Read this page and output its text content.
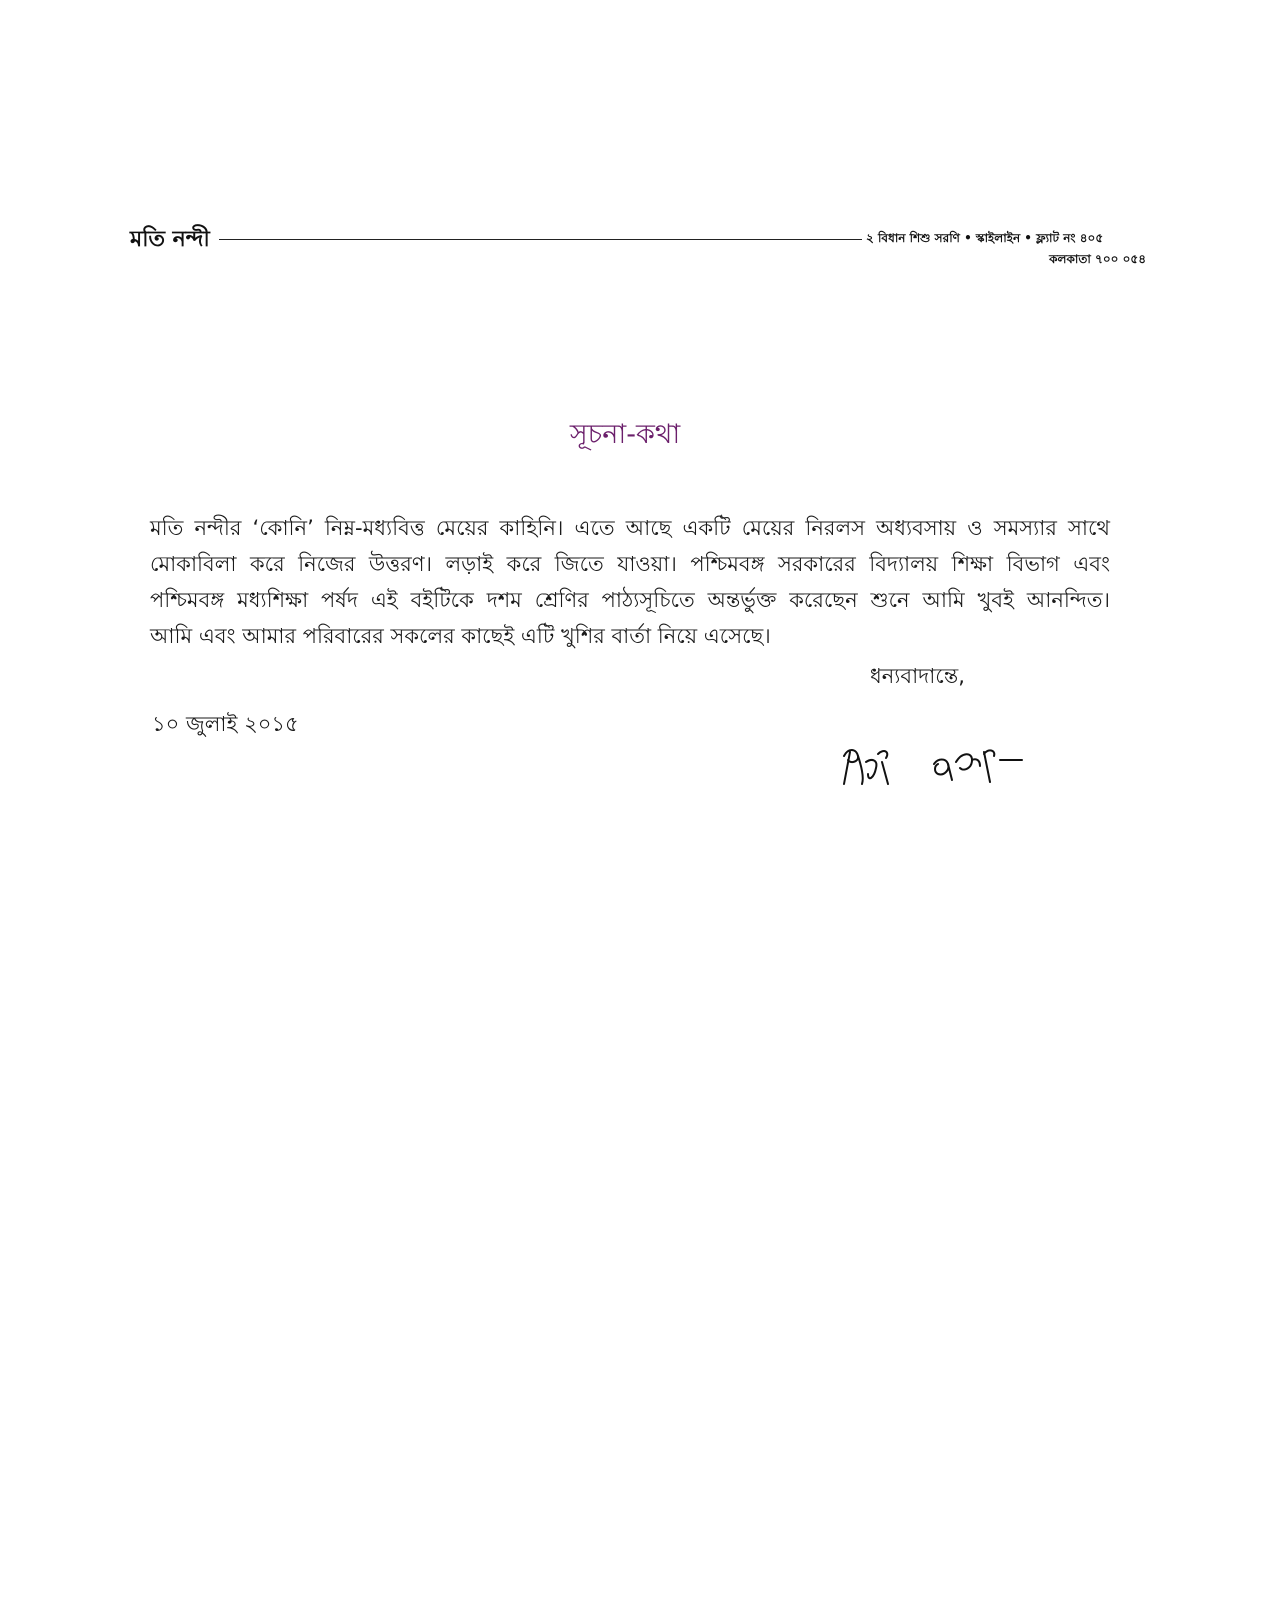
মতি নন্দী	২ বিধান শিশু সরণি • স্কাইলাইন • ফ্ল্যাট নং ৪০৫
কলকাতা ৭০০ ০৫৪
সূচনা-কথা
মতি নন্দীর ‘কোনি’ নিম্ন-মধ্যবিত্ত মেয়ের কাহিনি। এতে আছে একটি মেয়ের নিরলস অধ্যবসায় ও সমস্যার সাথে
মোকাবিলা করে নিজের উত্তরণ। লড়াই করে জিতে যাওয়া। পশ্চিমবঙ্গ সরকারের বিদ্যালয় শিক্ষা বিভাগ এবং
পশ্চিমবঙ্গ মধ্যশিক্ষা পর্ষদ এই বইটিকে দশম শ্রেণির পাঠ্যসূচিতে অন্তর্ভুক্ত করেছেন শুনে আমি খুবই আনন্দিত।
আমি এবং আমার পরিবারের সকলের কাছেই এটি খুশির বার্তা নিয়ে এসেছে।
ধন্যবাদান্তে,
১০ জুলাই ২০১৫
